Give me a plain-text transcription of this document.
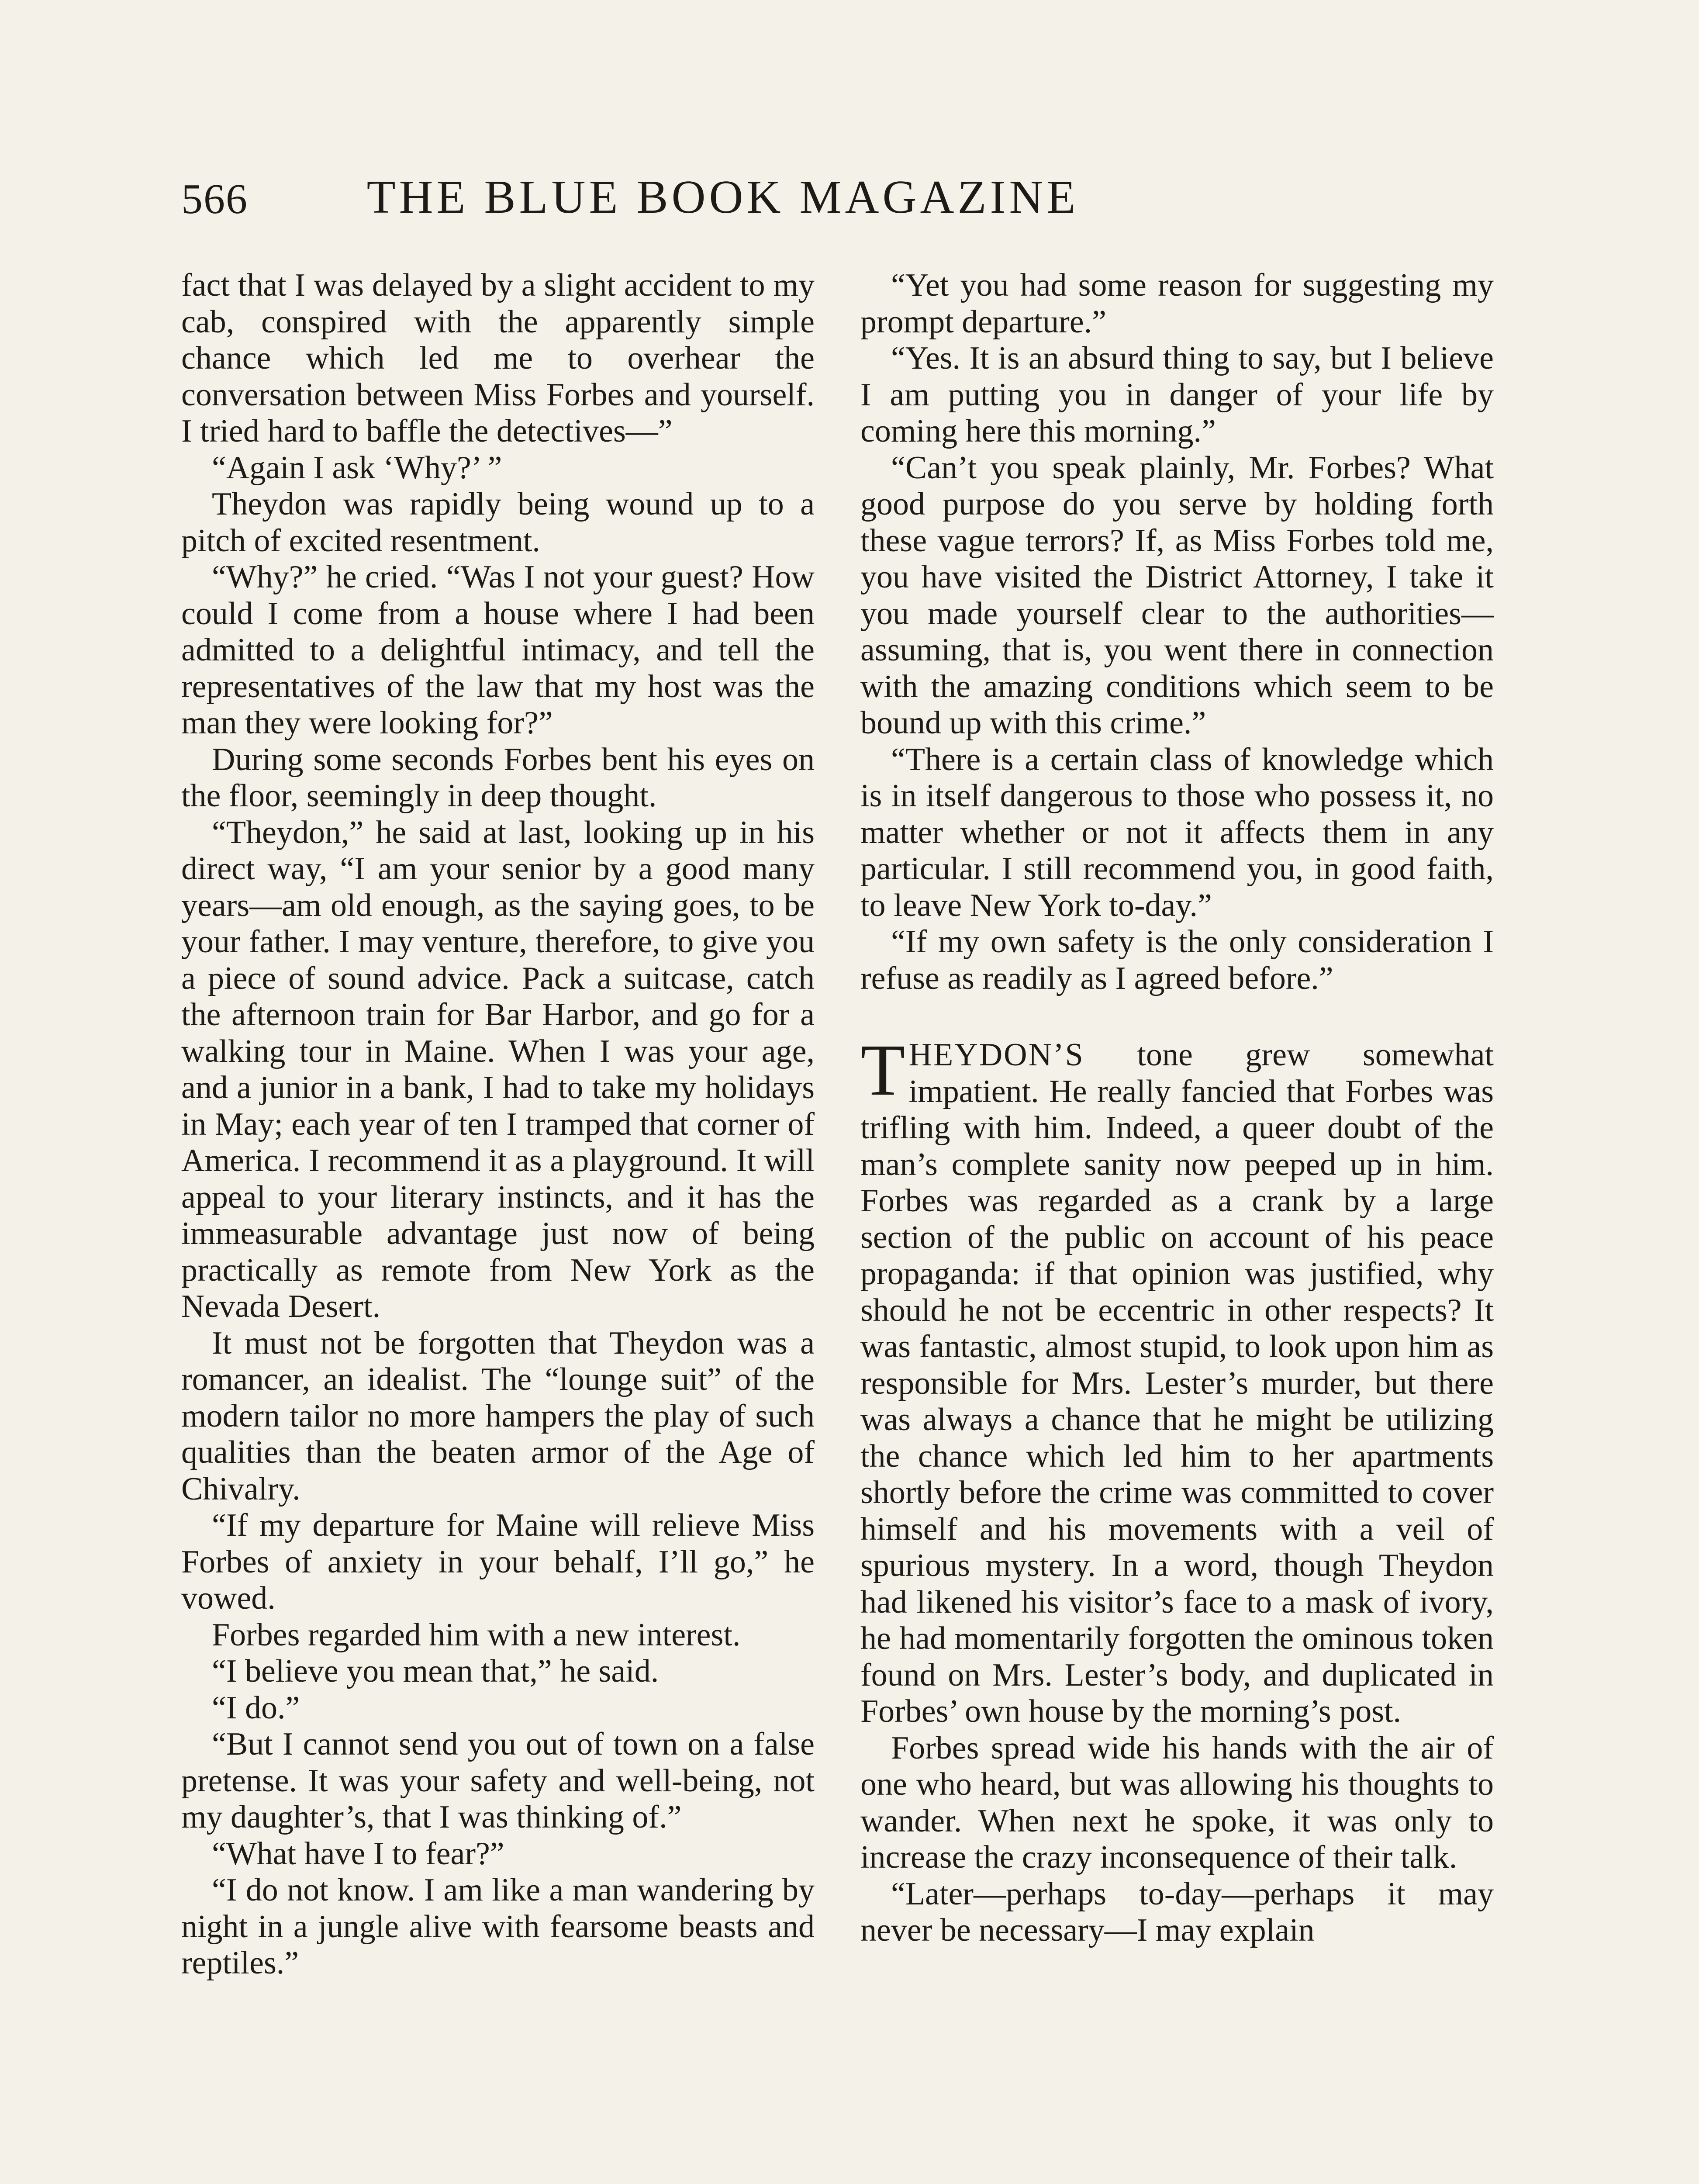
566	THE BLUE BOOK MAGAZINE

fact that I was delayed by a slight accident to my cab, conspired with the apparently simple chance which led me to overhear the conversation between Miss Forbes and yourself. I tried hard to baffle the detectives—”

“Again I ask ‘Why?’ ”

Theydon was rapidly being wound up to a pitch of excited resentment.

“Why?” he cried. “Was I not your guest? How could I come from a house where I had been admitted to a delightful intimacy, and tell the representatives of the law that my host was the man they were looking for?”

During some seconds Forbes bent his eyes on the floor, seemingly in deep thought.

“Theydon,” he said at last, looking up in his direct way, “I am your senior by a good many years—am old enough, as the saying goes, to be your father. I may venture, therefore, to give you a piece of sound advice. Pack a suitcase, catch the afternoon train for Bar Harbor, and go for a walking tour in Maine. When I was your age, and a junior in a bank, I had to take my holidays in May; each year of ten I tramped that corner of America. I recommend it as a playground. It will appeal to your literary instincts, and it has the immeasurable advantage just now of being practically as remote from New York as the Nevada Desert.

It must not be forgotten that Theydon was a romancer, an idealist. The “lounge suit” of the modern tailor no more hampers the play of such qualities than the beaten armor of the Age of Chivalry.

“If my departure for Maine will relieve Miss Forbes of anxiety in your behalf, I’ll go,” he vowed.

Forbes regarded him with a new interest.

“I believe you mean that,” he said.

“I do.”

“But I cannot send you out of town on a false pretense. It was your safety and well-being, not my daughter’s, that I was thinking of.”

“What have I to fear?”

“I do not know. I am like a man wandering by night in a jungle alive with fearsome beasts and reptiles.”

“Yet you had some reason for suggesting my prompt departure.”

“Yes. It is an absurd thing to say, but I believe I am putting you in danger of your life by coming here this morning.”

“Can’t you speak plainly, Mr. Forbes? What good purpose do you serve by holding forth these vague terrors? If, as Miss Forbes told me, you have visited the District Attorney, I take it you made yourself clear to the authorities—assuming, that is, you went there in connection with the amazing conditions which seem to be bound up with this crime.”

“There is a certain class of knowledge which is in itself dangerous to those who possess it, no matter whether or not it affects them in any particular. I still recommend you, in good faith, to leave New York to-day.”

“If my own safety is the only consideration I refuse as readily as I agreed before.”

THEYDON’S tone grew somewhat impatient. He really fancied that Forbes was trifling with him. Indeed, a queer doubt of the man’s complete sanity now peeped up in him. Forbes was regarded as a crank by a large section of the public on account of his peace propaganda: if that opinion was justified, why should he not be eccentric in other respects? It was fantastic, almost stupid, to look upon him as responsible for Mrs. Lester’s murder, but there was always a chance that he might be utilizing the chance which led him to her apartments shortly before the crime was committed to cover himself and his movements with a veil of spurious mystery. In a word, though Theydon had likened his visitor’s face to a mask of ivory, he had momentarily forgotten the ominous token found on Mrs. Lester’s body, and duplicated in Forbes’ own house by the morning’s post.

Forbes spread wide his hands with the air of one who heard, but was allowing his thoughts to wander. When next he spoke, it was only to increase the crazy inconsequence of their talk.

“Later—perhaps to-day—perhaps it may never be necessary—I may explain
